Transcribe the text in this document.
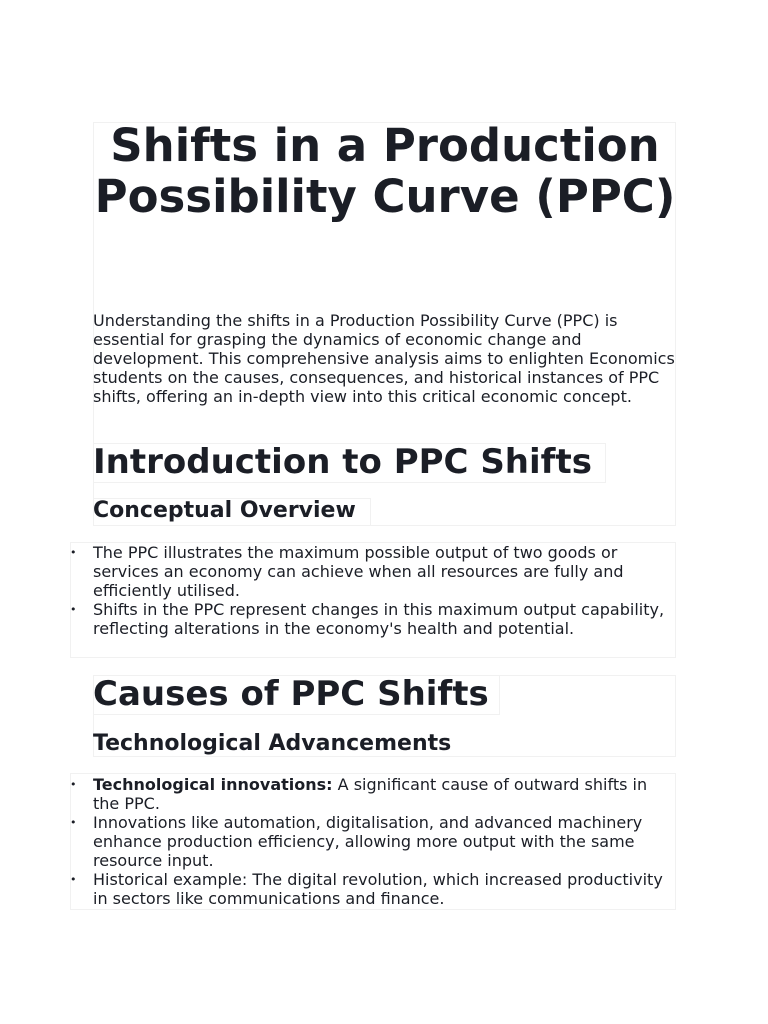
Shifts in a Production Possibility Curve (PPC)

Understanding the shifts in a Production Possibility Curve (PPC) is essential for grasping the dynamics of economic change and development. This comprehensive analysis aims to enlighten Economics students on the causes, consequences, and historical instances of PPC shifts, offering an in-depth view into this critical economic concept.

Introduction to PPC Shifts
Conceptual Overview
• The PPC illustrates the maximum possible output of two goods or services an economy can achieve when all resources are fully and efficiently utilised.
• Shifts in the PPC represent changes in this maximum output capability, reflecting alterations in the economy's health and potential.
Causes of PPC Shifts
Technological Advancements
• Technological innovations: A significant cause of outward shifts in the PPC.
• Innovations like automation, digitalisation, and advanced machinery enhance production efficiency, allowing more output with the same resource input.
• Historical example: The digital revolution, which increased productivity in sectors like communications and finance.
